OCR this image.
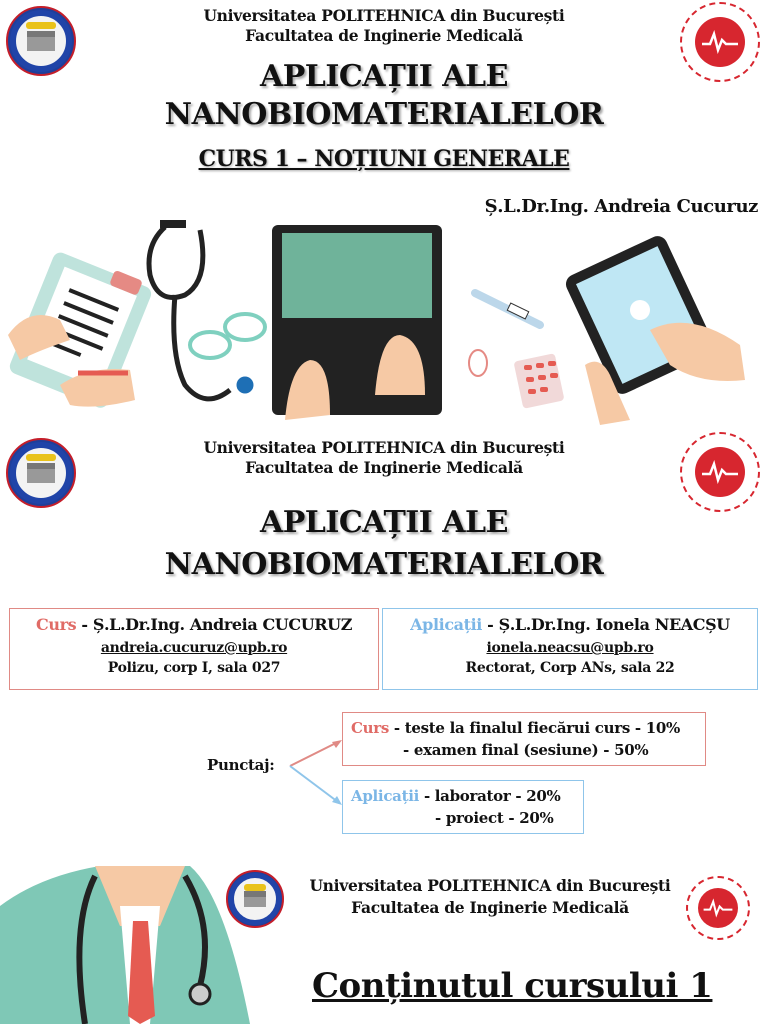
Universitatea POLITEHNICA din București
Facultatea de Inginerie Medicală
APLICAȚII ALE
NANOBIOMATERIALELOR
CURS 1 – NOȚIUNI GENERALE
Ș.L.Dr.Ing. Andreia Cucuruz
Universitatea POLITEHNICA din București
Facultatea de Inginerie Medicală
APLICAȚII ALE
NANOBIOMATERIALELOR
Curs - Ș.L.Dr.Ing. Andreia CUCURUZ
andreia.cucuruz@upb.ro
Polizu, corp I, sala 027
Aplicații - Ș.L.Dr.Ing. Ionela NEACȘU
ionela.neacsu@upb.ro
Rectorat, Corp ANs, sala 22
Punctaj:
Curs - teste la finalul fiecărui curs - 10%
- examen final (sesiune) - 50%
Aplicații - laborator - 20%
- proiect - 20%
Universitatea POLITEHNICA din București
Facultatea de Inginerie Medicală
Conținutul cursului 1
